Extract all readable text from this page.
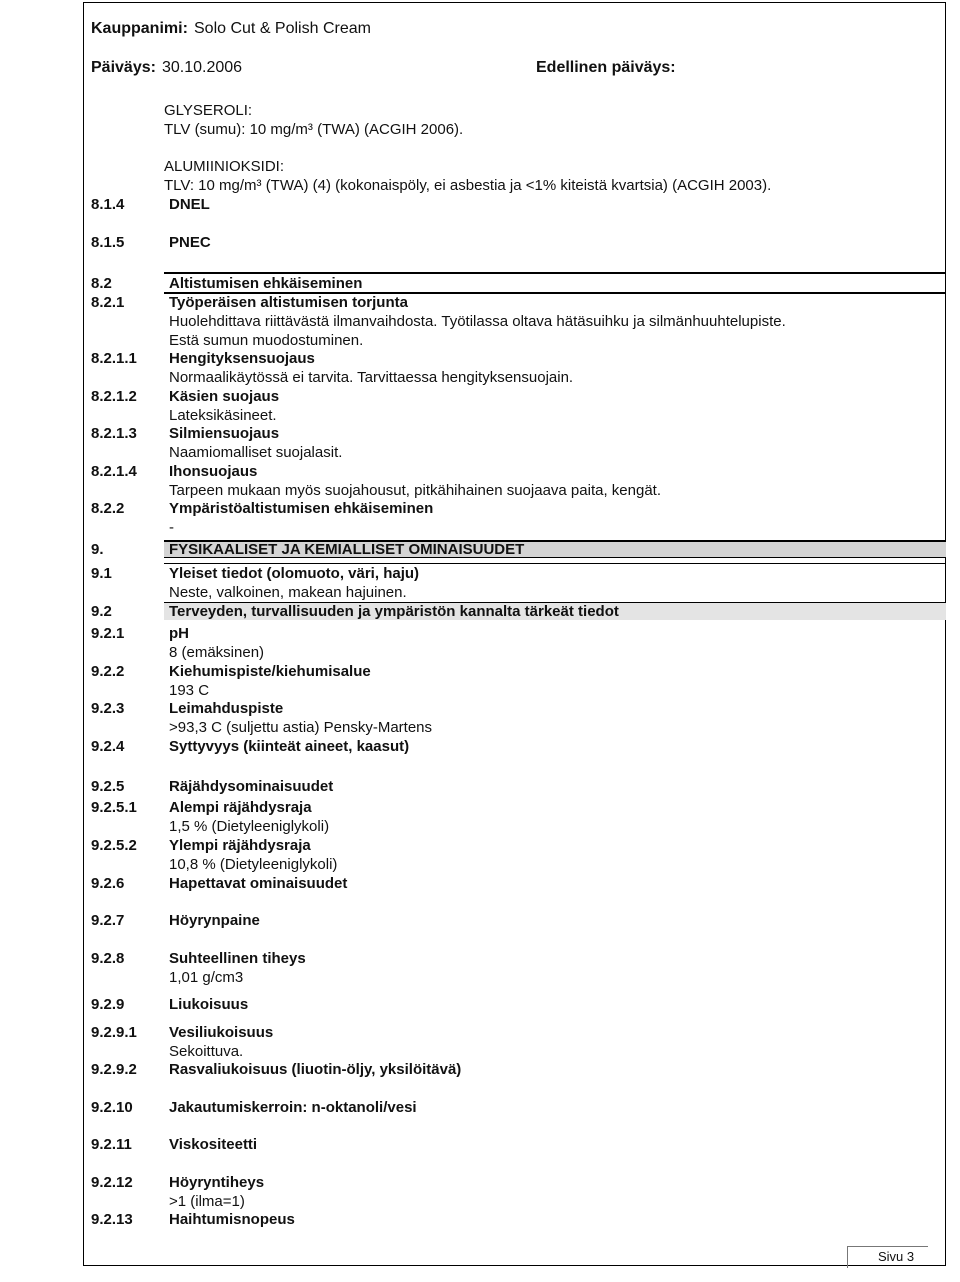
Kauppanimi: Solo Cut & Polish Cream
Päiväys: 30.10.2006	Edellinen päiväys:
GLYSEROLI:
TLV (sumu): 10 mg/m³ (TWA) (ACGIH 2006).
ALUMIINIOKSIDI:
TLV: 10 mg/m³ (TWA) (4) (kokonaispöly, ei asbestia ja <1% kiteistä kvartsia) (ACGIH 2003).
8.1.4	DNEL
8.1.5	PNEC
8.2	Altistumisen ehkäiseminen
8.2.1	Työperäisen altistumisen torjunta
Huolehdittava riittävästä ilmanvaihdosta. Työtilassa oltava hätäsuihku ja silmänhuuhtelupiste.
Estä sumun muodostuminen.
8.2.1.1 Hengityksensuojaus
Normaalikäytössä ei tarvita. Tarvittaessa hengityksensuojain.
8.2.1.2 Käsien suojaus
Lateksikäsineet.
8.2.1.3 Silmiensuojaus
Naamiomalliset suojalasit.
8.2.1.4 Ihonsuojaus
Tarpeen mukaan myös suojahousut, pitkähihainen suojaava paita, kengät.
8.2.2	Ympäristöaltistumisen ehkäiseminen
-
9.	FYSIKAALISET JA KEMIALLISET OMINAISUUDET
9.1	Yleiset tiedot (olomuoto, väri, haju)
Neste, valkoinen, makean hajuinen.
9.2	Terveyden, turvallisuuden ja ympäristön kannalta tärkeät tiedot
9.2.1	pH
8 (emäksinen)
9.2.2	Kiehumispiste/kiehumisalue
193 C
9.2.3	Leimahduspiste
>93,3 C (suljettu astia) Pensky-Martens
9.2.4	Syttyvyys (kiinteät aineet, kaasut)
9.2.5	Räjähdysominaisuudet
9.2.5.1 Alempi räjähdysraja
1,5 % (Dietyleeniglykoli)
9.2.5.2 Ylempi räjähdysraja
10,8 % (Dietyleeniglykoli)
9.2.6	Hapettavat ominaisuudet
9.2.7	Höyrynpaine
9.2.8	Suhteellinen tiheys
1,01 g/cm3
9.2.9	Liukoisuus
9.2.9.1 Vesiliukoisuus
Sekoittuva.
9.2.9.2 Rasvaliukoisuus (liuotin-öljy, yksilöitävä)
9.2.10 Jakautumiskerroin: n-oktanoli/vesi
9.2.11 Viskositeetti
9.2.12 Höyryntiheys
>1 (ilma=1)
9.2.13 Haihtumisnopeus
Sivu 3
